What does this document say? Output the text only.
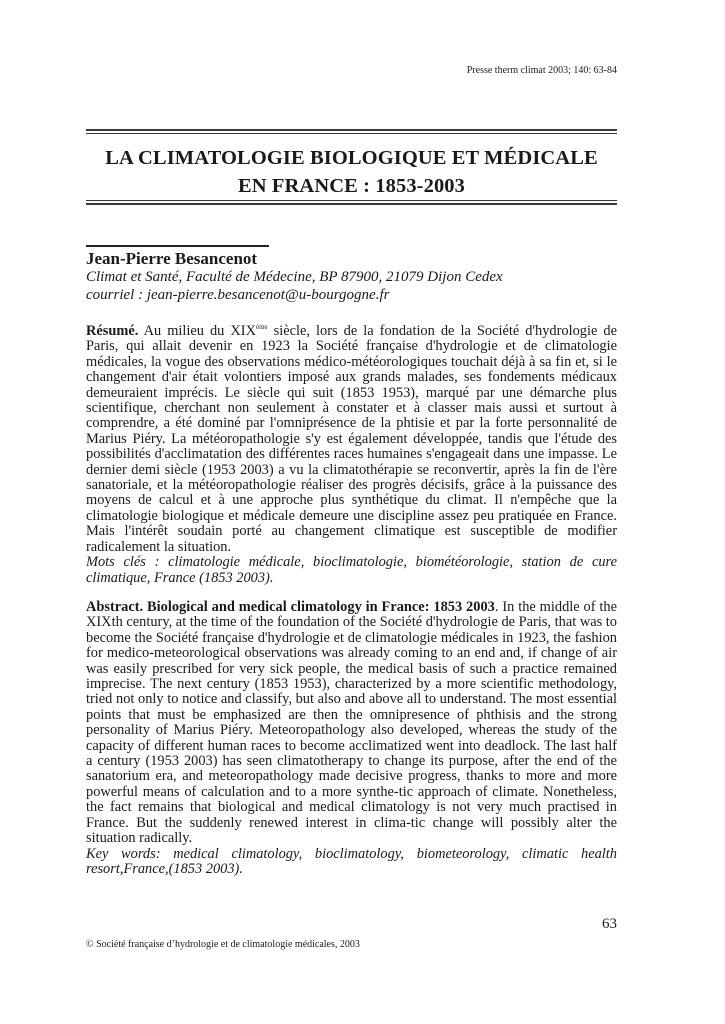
Presse therm climat 2003; 140: 63-84
LA CLIMATOLOGIE BIOLOGIQUE ET MÉDICALE
EN FRANCE : 1853-2003
Jean-Pierre Besancenot
Climat et Santé, Faculté de Médecine, BP 87900, 21079 Dijon Cedex
courriel : jean-pierre.besancenot@u-bourgogne.fr
Résumé. Au milieu du XIXème siècle, lors de la fondation de la Société d'hydrologie de Paris, qui allait devenir en 1923 la Société française d'hydrologie et de climatologie médicales, la vogue des observations médico-météorologiques touchait déjà à sa fin et, si le changement d'air était volontiers imposé aux grands malades, ses fondements médicaux demeuraient imprécis. Le siècle qui suit (1853 1953), marqué par une démarche plus scientifique, cherchant non seulement à constater et à classer mais aussi et surtout à comprendre, a été dominé par l'omniprésence de la phtisie et par la forte personnalité de Marius Piéry. La météoropathologie s'y est également développée, tandis que l'étude des possibilités d'acclimatation des différentes races humaines s'engageait dans une impasse. Le dernier demi siècle (1953 2003) a vu la climatothérapie se reconvertir, après la fin de l'ère sanatoriale, et la météoropathologie réaliser des progrès décisifs, grâce à la puissance des moyens de calcul et à une approche plus synthétique du climat. Il n'empêche que la climatologie biologique et médicale demeure une discipline assez peu pratiquée en France. Mais l'intérêt soudain porté au changement climatique est susceptible de modifier radicalement la situation.
Mots clés : climatologie médicale, bioclimatologie, biométéorologie, station de cure climatique, France (1853 2003).
Abstract. Biological and medical climatology in France: 1853 2003. In the middle of the XIXth century, at the time of the foundation of the Société d'hydrologie de Paris, that was to become the Société française d'hydrologie et de climatologie médicales in 1923, the fashion for medico-meteorological observations was already coming to an end and, if change of air was easily prescribed for very sick people, the medical basis of such a practice remained imprecise. The next century (1853 1953), characterized by a more scientific methodology, tried not only to notice and classify, but also and above all to understand. The most essential points that must be emphasized are then the omnipresence of phthisis and the strong personality of Marius Piéry. Meteoropathology also developed, whereas the study of the capacity of different human races to become acclimatized went into deadlock. The last half a century (1953 2003) has seen climatotherapy to change its purpose, after the end of the sanatorium era, and meteoropathology made decisive progress, thanks to more and more powerful means of calculation and to a more synthe-tic approach of climate. Nonetheless, the fact remains that biological and medical climatology is not very much practised in France. But the suddenly renewed interest in clima-tic change will possibly alter the situation radically.
Key words: medical climatology, bioclimatology, biometeorology, climatic health resort,France,(1853 2003).
63
© Société française d’hydrologie et de climatologie médicales, 2003
